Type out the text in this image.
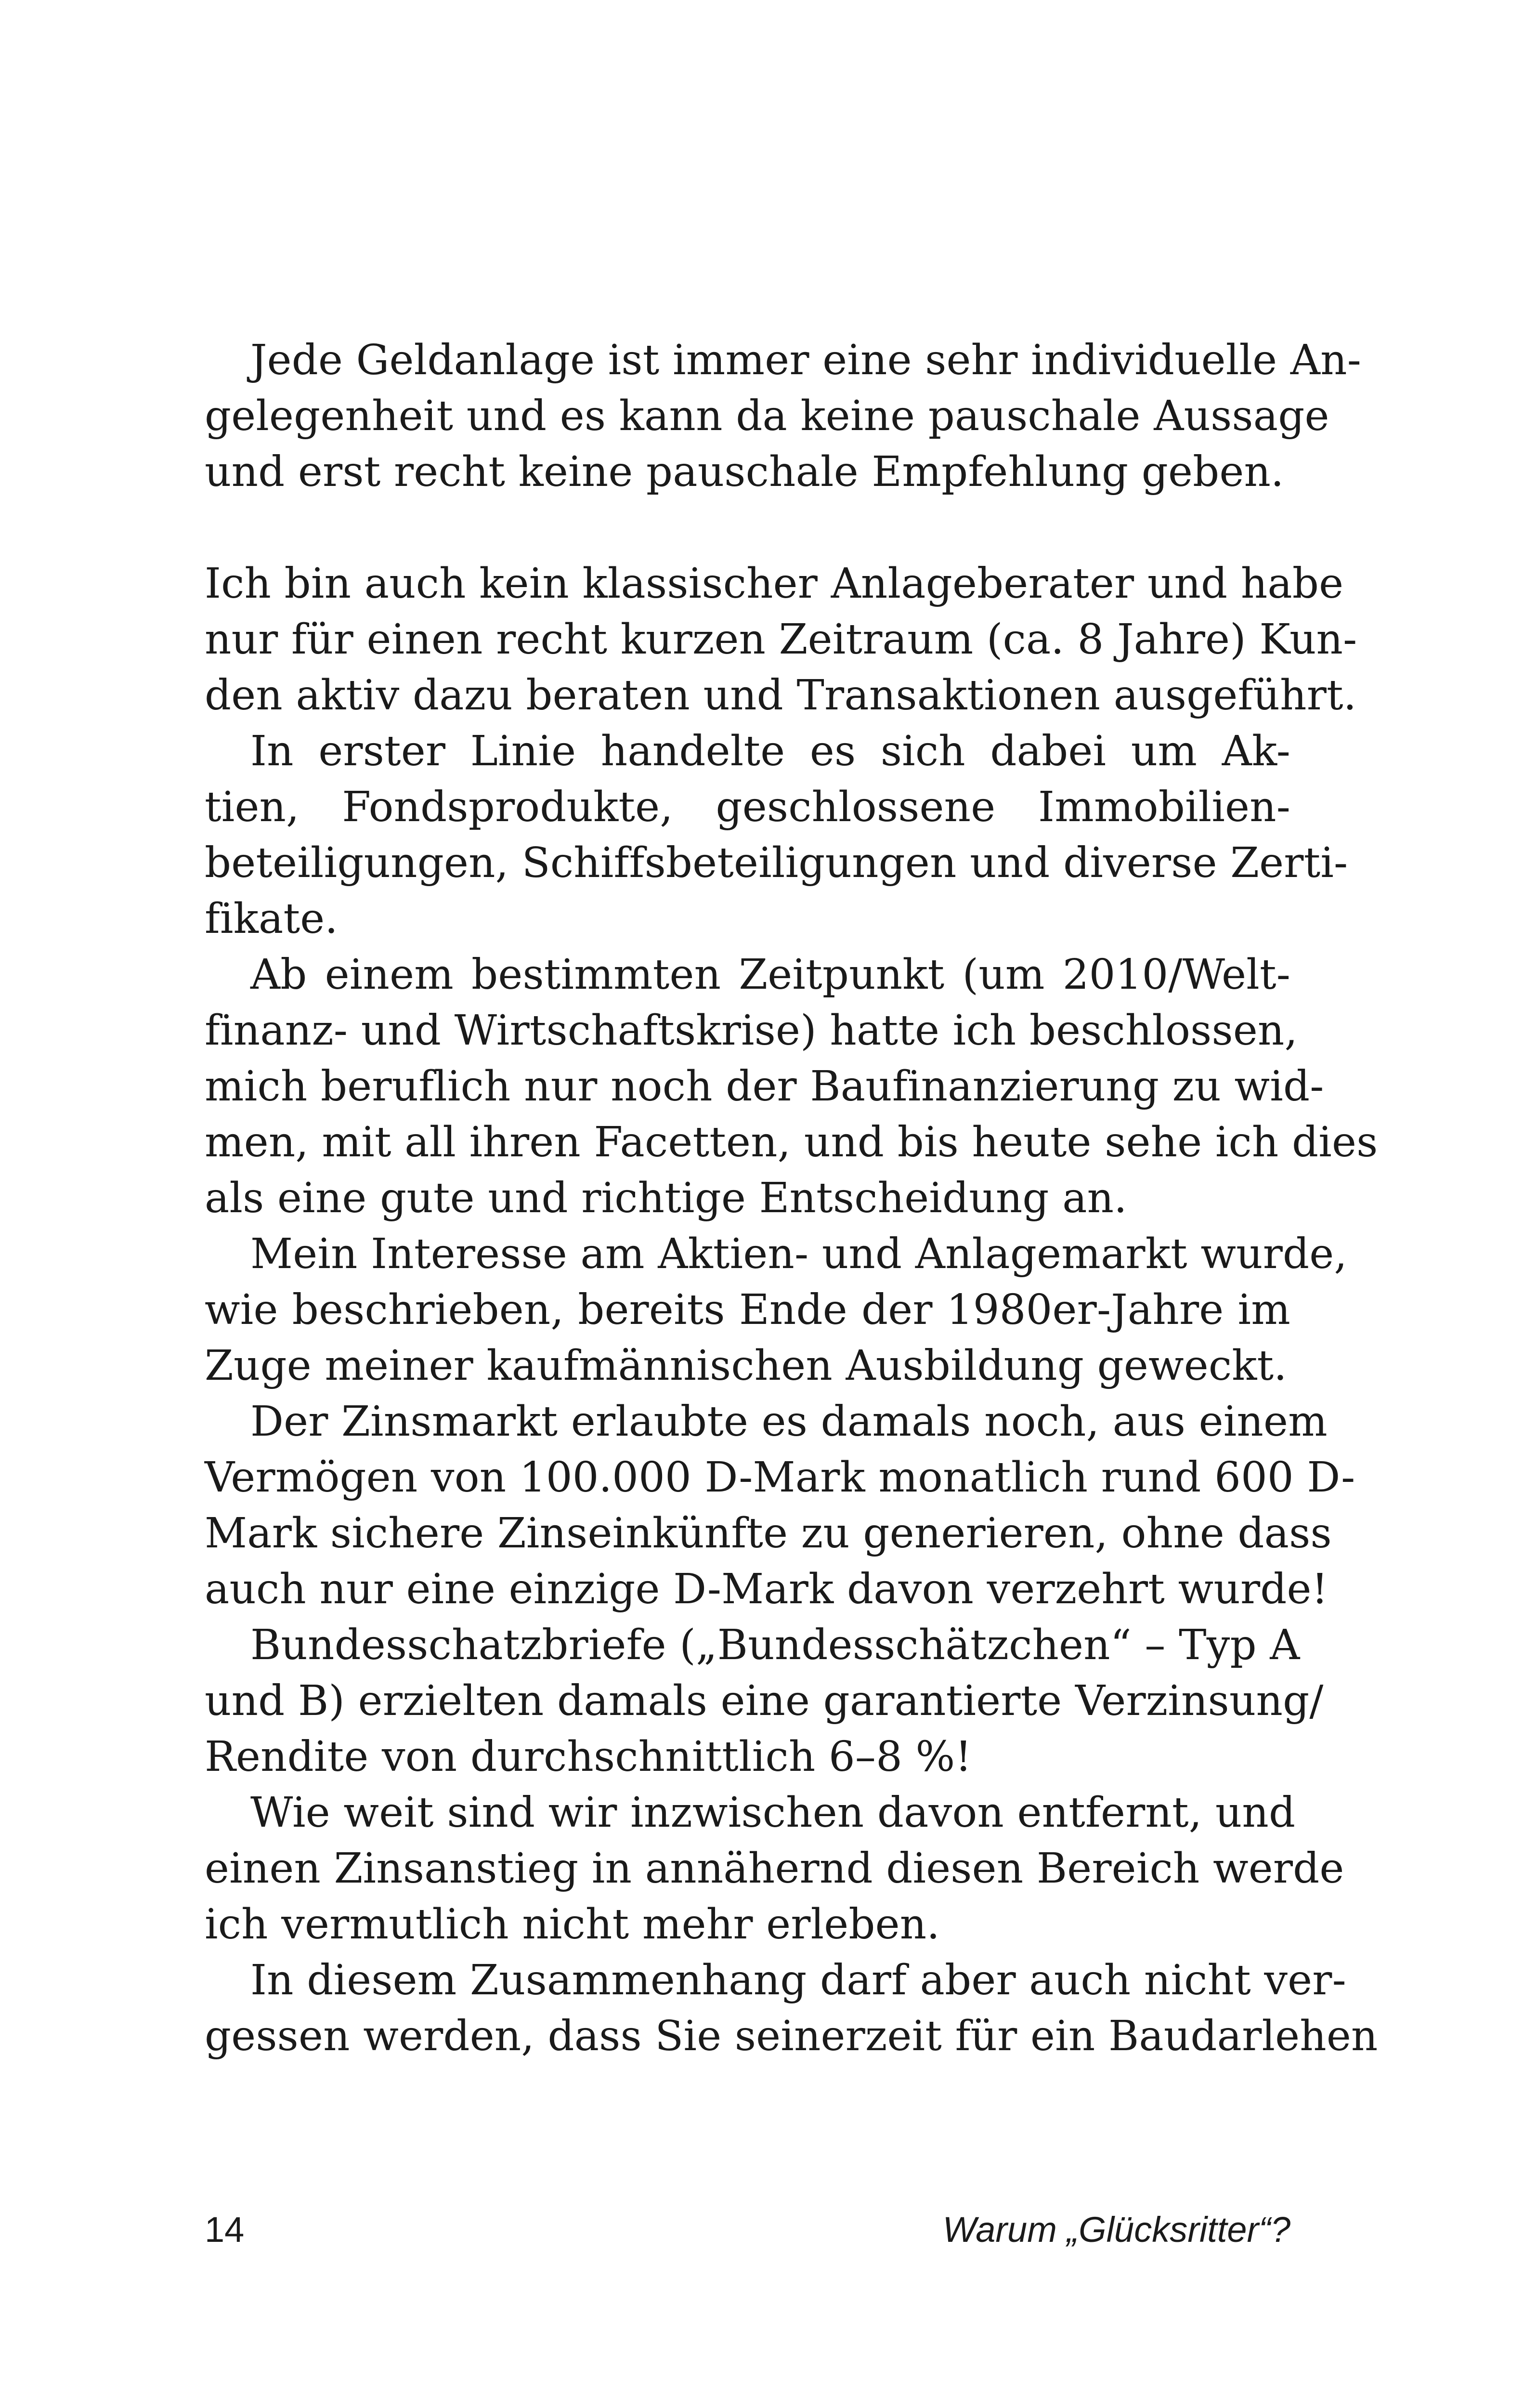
Jede Geldanlage ist immer eine sehr individuelle An-
gelegenheit und es kann da keine pauschale Aussage
und erst recht keine pauschale Empfehlung geben.
Ich bin auch kein klassischer Anlageberater und habe
nur für einen recht kurzen Zeitraum (ca. 8 Jahre) Kun-
den aktiv dazu beraten und Transaktionen ausgeführt.
In erster Linie handelte es sich dabei um Ak-
tien, Fondsprodukte, geschlossene Immobilien-
beteiligungen, Schiffsbeteiligungen und diverse Zerti-
fikate.
Ab einem bestimmten Zeitpunkt (um 2010/Welt-
finanz- und Wirtschaftskrise) hatte ich beschlossen,
mich beruflich nur noch der Baufinanzierung zu wid-
men, mit all ihren Facetten, und bis heute sehe ich dies
als eine gute und richtige Entscheidung an.
Mein Interesse am Aktien- und Anlagemarkt wurde,
wie beschrieben, bereits Ende der 1980er-Jahre im
Zuge meiner kaufmännischen Ausbildung geweckt.
Der Zinsmarkt erlaubte es damals noch, aus einem
Vermögen von 100.000 D-Mark monatlich rund 600 D-
Mark sichere Zinseinkünfte zu generieren, ohne dass
auch nur eine einzige D-Mark davon verzehrt wurde!
Bundesschatzbriefe („Bundesschätzchen“ – Typ A
und B) erzielten damals eine garantierte Verzinsung/
Rendite von durchschnittlich 6–8 %!
Wie weit sind wir inzwischen davon entfernt, und
einen Zinsanstieg in annähernd diesen Bereich werde
ich vermutlich nicht mehr erleben.
In diesem Zusammenhang darf aber auch nicht ver-
gessen werden, dass Sie seinerzeit für ein Baudarlehen
14	Warum „Glücksritter“?
